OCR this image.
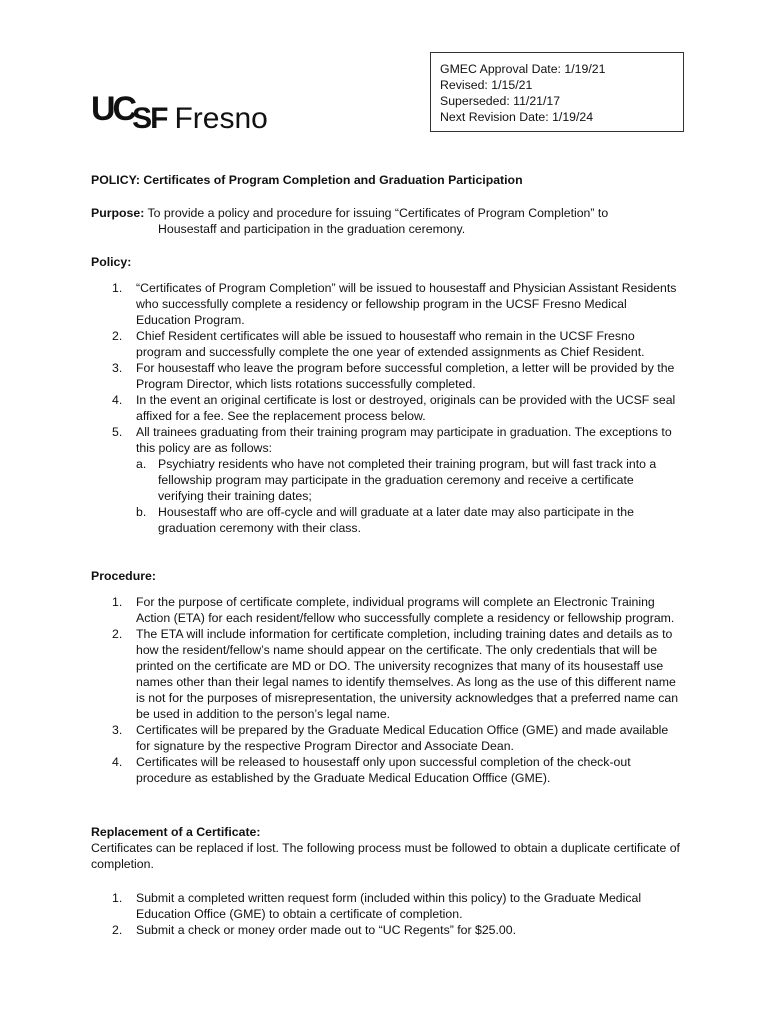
UC
SF Fresno
GMEC Approval Date: 1/19/21
Revised: 1/15/21
Superseded: 11/21/17
Next Revision Date: 1/19/24

POLICY: Certificates of Program Completion and Graduation Participation

Purpose: To provide a policy and procedure for issuing “Certificates of Program Completion” to
Housestaff and participation in the graduation ceremony.
Policy:
1. “Certificates of Program Completion” will be issued to housestaff and Physician Assistant Residents who successfully complete a residency or fellowship program in the UCSF Fresno Medical Education Program.
2. Chief Resident certificates will able be issued to housestaff who remain in the UCSF Fresno program and successfully complete the one year of extended assignments as Chief Resident.
3. For housestaff who leave the program before successful completion, a letter will be provided by the Program Director, which lists rotations successfully completed.
4. In the event an original certificate is lost or destroyed, originals can be provided with the UCSF seal affixed for a fee. See the replacement process below.
5. All trainees graduating from their training program may participate in graduation. The exceptions to this policy are as follows:
a. Psychiatry residents who have not completed their training program, but will fast track into a fellowship program may participate in the graduation ceremony and receive a certificate verifying their training dates;
b. Housestaff who are off-cycle and will graduate at a later date may also participate in the graduation ceremony with their class.
Procedure:
1. For the purpose of certificate complete, individual programs will complete an Electronic Training Action (ETA) for each resident/fellow who successfully complete a residency or fellowship program.
2. The ETA will include information for certificate completion, including training dates and details as to how the resident/fellow’s name should appear on the certificate. The only credentials that will be printed on the certificate are MD or DO. The university recognizes that many of its housestaff use names other than their legal names to identify themselves. As long as the use of this different name is not for the purposes of misrepresentation, the university acknowledges that a preferred name can be used in addition to the person’s legal name.
3. Certificates will be prepared by the Graduate Medical Education Office (GME) and made available for signature by the respective Program Director and Associate Dean.
4. Certificates will be released to housestaff only upon successful completion of the check-out procedure as established by the Graduate Medical Education Offfice (GME).
Replacement of a Certificate:
Certificates can be replaced if lost. The following process must be followed to obtain a duplicate certificate of completion.
1. Submit a completed written request form (included within this policy) to the Graduate Medical Education Office (GME) to obtain a certificate of completion.
2. Submit a check or money order made out to “UC Regents” for $25.00.
